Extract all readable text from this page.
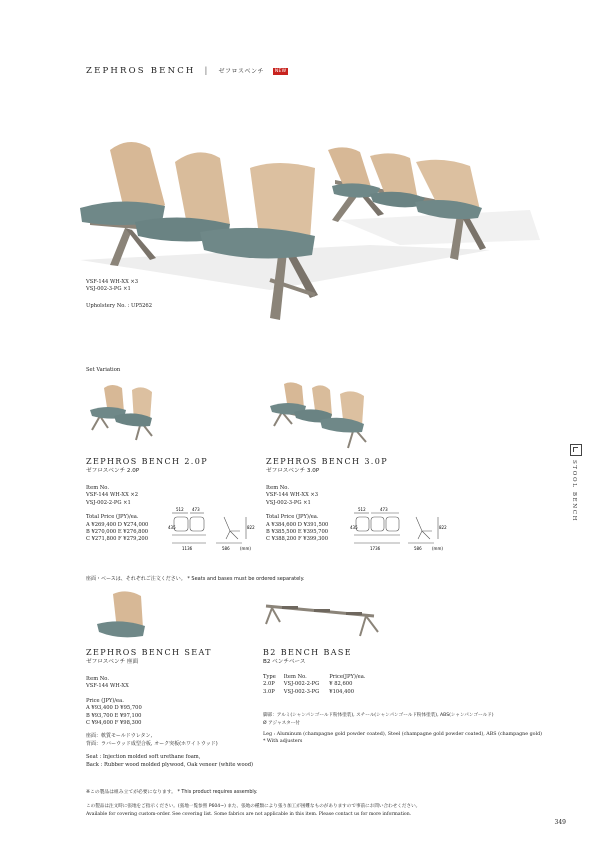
ZEPHROS BENCH | ゼフロスベンチ NEW
VSF-144 WH-XX ×3
VSJ-002-3-PG ×1
Upholstery No. : UP5262
Set Variation
ZEPHROS BENCH 2.0P
ゼフロスベンチ 2.0P
Item No.
VSF-144 WH-XX ×2
VSJ-002-2-PG ×1
Total Price (JPY)/ea.
A ¥269,400 D ¥274,000
B ¥270,000 E ¥276,800
C ¥271,800 F ¥279,200
512 473
1136	586
822
(mm)
435
ZEPHROS BENCH 3.0P
ゼフロスベンチ 3.0P
Item No.
VSF-144 WH-XX ×3
VSJ-002-3-PG ×1
Total Price (JPY)/ea.
A ¥384,600 D ¥391,500
B ¥385,500 E ¥395,700
C ¥388,200 F ¥399,300
512	473
1736	586
822
(mm)
435
座面・ベースは、それぞれご注文ください。 * Seats and bases must be ordered separately.
ZEPHROS BENCH SEAT
ゼフロスベンチ 座面
Item No.
VSF-144 WH-XX
Price (JPY)/ea.
A ¥93,400 D ¥95,700
B ¥93,700 E ¥97,100
C ¥94,600 F ¥98,300
座面：軟質モールドウレタン,
背面：ラバーウッド成型合板, オーク突板(ホワイトウッド)
Seat : Injection molded soft urethane foam,
Back : Rubber wood molded plywood, Oak veneer (white wood)
B2 BENCH BASE
B2 ベンチベース
Type	Item No.	Price(JPY)/ea.
2.0P	VSJ-002-2-PG	¥ 82,600
3.0P	VSJ-002-3-PG	¥104,400
脚部：アルミ(シャンパンゴールド粉体塗装), スチール(シャンパンゴールド粉体塗装), ABS(シャンパンゴールド)
Ø アジャスター付
Leg : Aluminum (champagne gold powder coated), Steel (champagne gold powder coated), ABS (champagne gold)
* With adjusters
※この製品は組み立てが必要になります。 * This product requires assembly.
この製品は注文時に張地をご指示ください。(張地一覧参照 P604~) また、張地の種類により張り加工が困難なものがありますので事前にお問い合わせください。
Available for covering custom-order. See covering list. Some fabrics are not applicable in this item. Please contact us for more information.
STOOL BENCH
349
